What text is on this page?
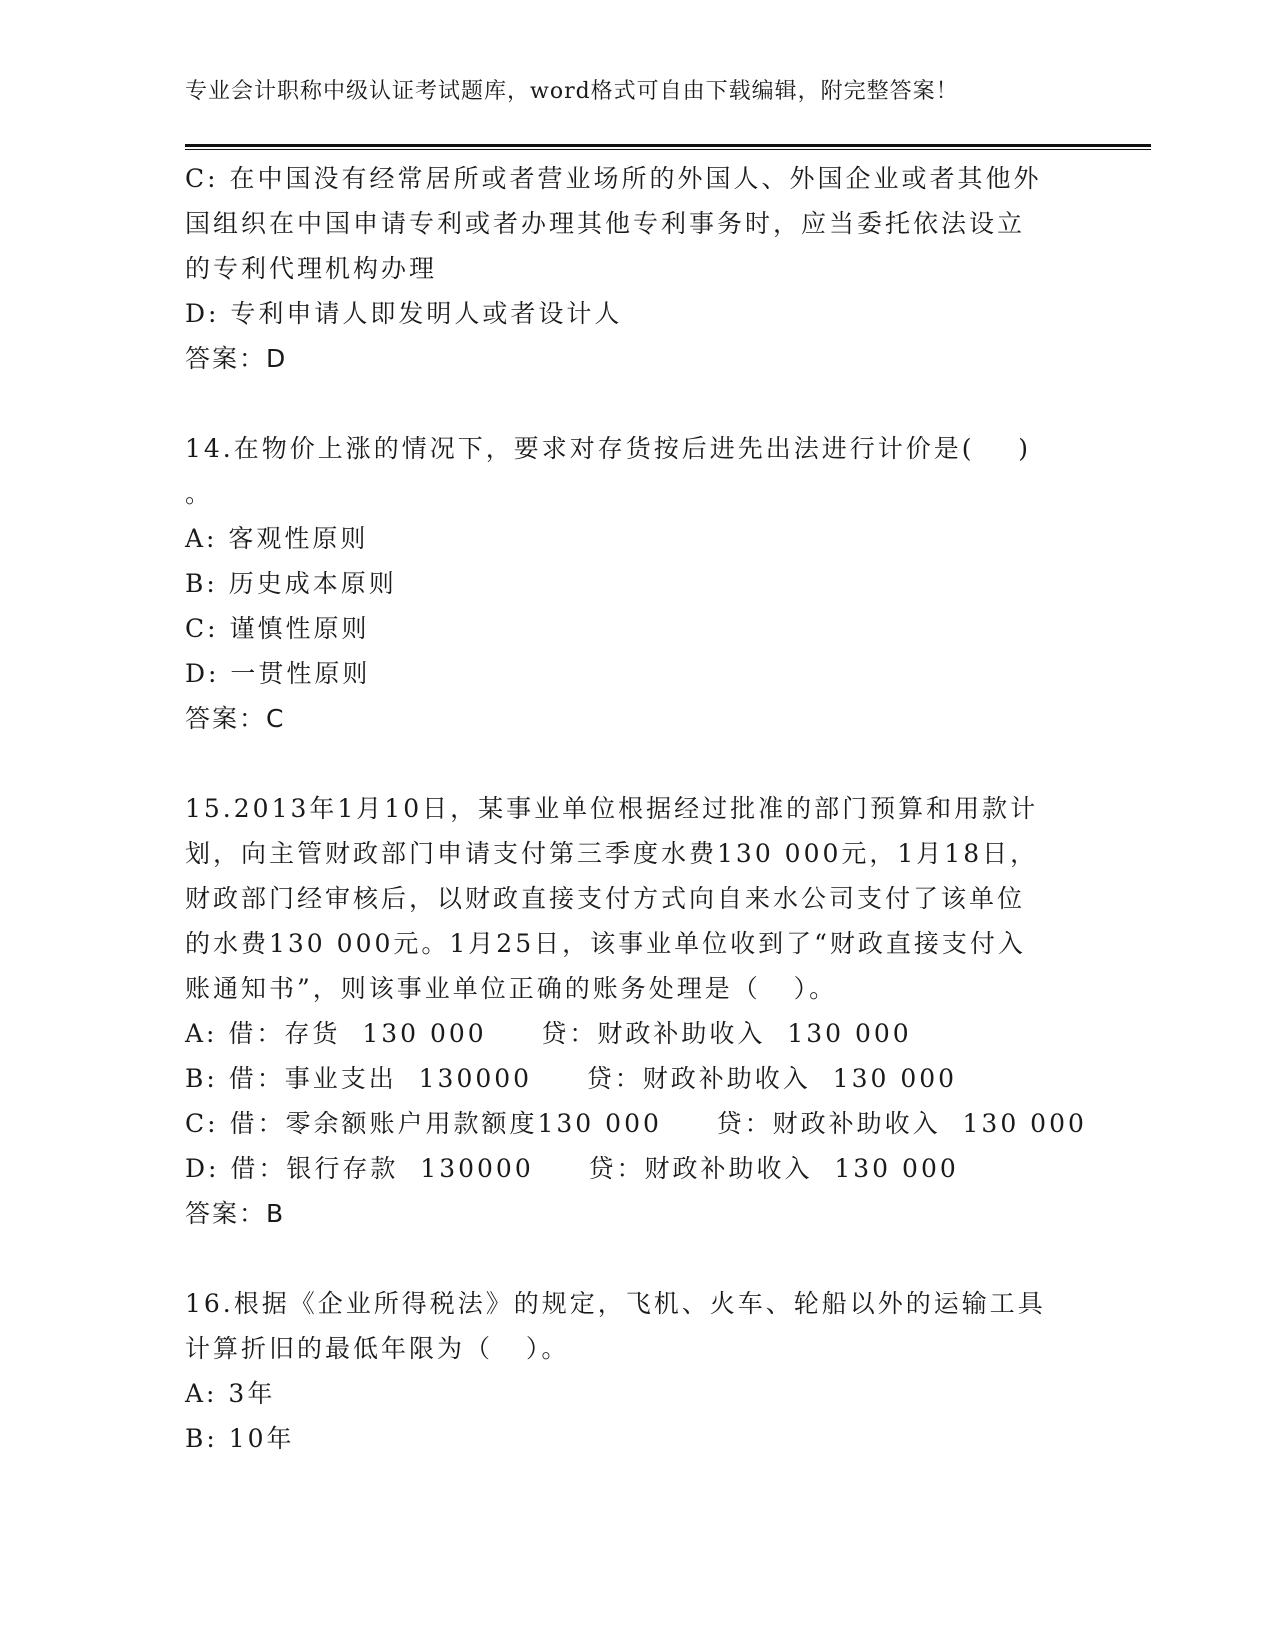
专业会计职称中级认证考试题库，word格式可自由下载编辑，附完整答案！
C: 在中国没有经常居所或者营业场所的外国人、外国企业或者其他外
国组织在中国申请专利或者办理其他专利事务时，应当委托依法设立
的专利代理机构办理
D: 专利申请人即发明人或者设计人
答案：D
14.在物价上涨的情况下，要求对存货按后进先出法进行计价是(    )
。
A: 客观性原则
B: 历史成本原则
C: 谨慎性原则
D: 一贯性原则
答案：C
15.2013年1月10日，某事业单位根据经过批准的部门预算和用款计
划，向主管财政部门申请支付第三季度水费130 000元，1月18日，
财政部门经审核后，以财政直接支付方式向自来水公司支付了该单位
的水费130 000元。1月25日，该事业单位收到了“财政直接支付入
账通知书”，则该事业单位正确的账务处理是（   ）。
A: 借：存货  130 000     贷：财政补助收入  130 000
B: 借：事业支出  130000     贷：财政补助收入  130 000
C: 借：零余额账户用款额度130 000     贷：财政补助收入  130 000
D: 借：银行存款  130000     贷：财政补助收入  130 000
答案：B
16.根据《企业所得税法》的规定，飞机、火车、轮船以外的运输工具
计算折旧的最低年限为（   ）。
A: 3年
B: 10年
